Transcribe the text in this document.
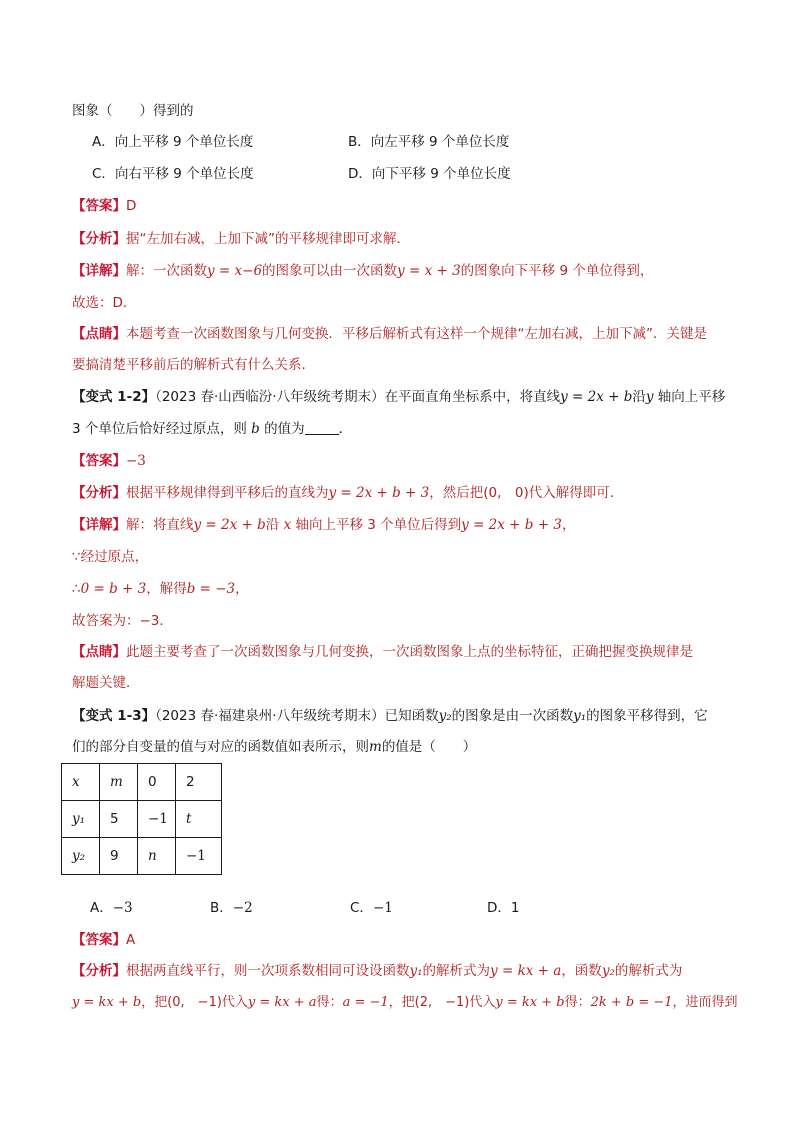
图象（　　）得到的
A．向上平移 9 个单位长度	B．向左平移 9 个单位长度
C．向右平移 9 个单位长度	D．向下平移 9 个单位长度
【答案】D
【分析】据“左加右减，上加下减”的平移规律即可求解．
【详解】解：一次函数y = x−6的图象可以由一次函数y = x + 3的图象向下平移 9 个单位得到，
故选：D．
【点睛】本题考查一次函数图象与几何变换．平移后解析式有这样一个规律“左加右减，上加下减”．关键是
要搞清楚平移前后的解析式有什么关系．
【变式 1-2】（2023 春·山西临汾·八年级统考期末）在平面直角坐标系中，将直线y = 2x + b沿y 轴向上平移
3 个单位后恰好经过原点，则 b 的值为	．
【答案】−3
【分析】根据平移规律得到平移后的直线为y = 2x + b + 3，然后把(0,　0)代入解得即可．
【详解】解：将直线y = 2x + b沿 x 轴向上平移 3 个单位后得到y = 2x + b + 3，
∵经过原点，
∴0 = b + 3，解得b = −3，
故答案为：−3．
【点睛】此题主要考查了一次函数图象与几何变换，一次函数图象上点的坐标特征，正确把握变换规律是
解题关键．
【变式 1-3】（2023 春·福建泉州·八年级统考期末）已知函数y₂的图象是由一次函数y₁的图象平移得到，它
们的部分自变量的值与对应的函数值如表所示，则m的值是（　　）
x	m	0	2
y₁	5	−1	t
y₂	9	n	−1
A．−3	B．−2	C．−1	D．1
【答案】A
【分析】根据两直线平行，则一次项系数相同可设设函数y₁的解析式为y = kx + a，函数y₂的解析式为
y = kx + b，把(0,　−1)代入y = kx + a得：a = −1，把(2,　−1)代入y = kx + b得：2k + b = −1，进而得到
